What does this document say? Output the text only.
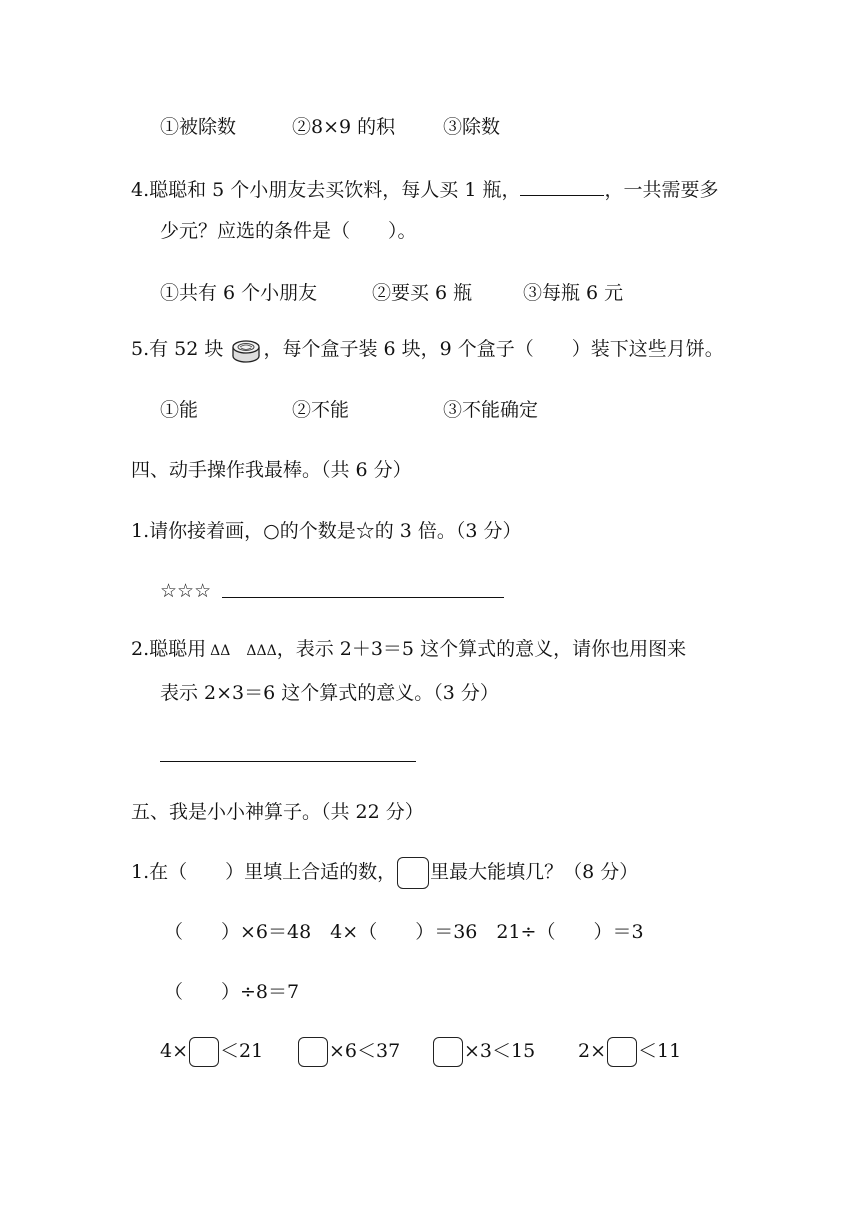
①被除数	②8×9 的积	③除数
4.聪聪和 5 个小朋友去买饮料，每人买 1 瓶，	，一共需要多
少元？应选的条件是（　　）。
①共有 6 个小朋友	②要买 6 瓶	③每瓶 6 元
5.有 52 块 ，每个盒子装 6 块，9 个盒子（　　）装下这些月饼。
①能	②不能	③不能确定
四、动手操作我最棒。（共 6 分）
1.请你接着画，○的个数是☆的 3 倍。（3 分）
☆☆☆
2.聪聪用 ΔΔ ΔΔΔ，表示 2＋3＝5 这个算式的意义，请你也用图来
表示 2×3＝6 这个算式的意义。（3 分）
五、我是小小神算子。（共 22 分）
1.在（　　）里填上合适的数， 里最大能填几？（8 分）
（　　）×6＝48　4×（　　）＝36　21÷（　　）＝3
（　　）÷8＝7
4× ＜21	×6＜37	×3＜15 2× ＜11
